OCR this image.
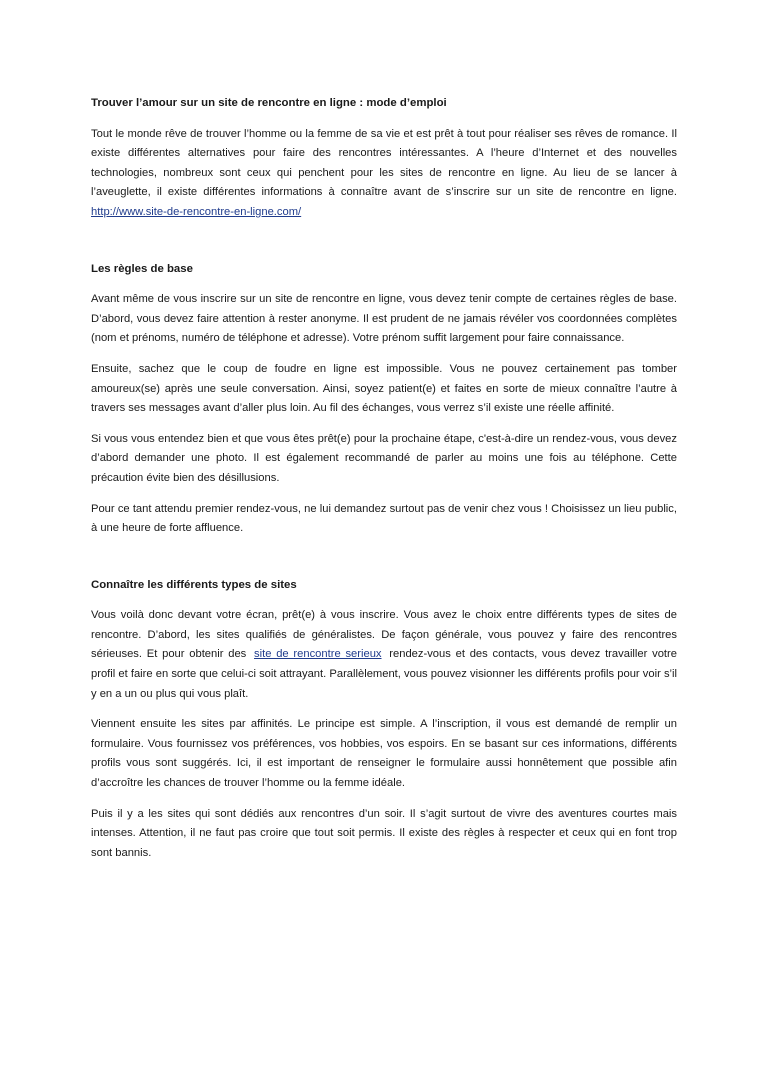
Trouver l’amour sur un site de rencontre en ligne : mode d’emploi

Tout le monde rêve de trouver l’homme ou la femme de sa vie et est prêt à tout pour réaliser ses rêves de romance. Il existe différentes alternatives pour faire des rencontres intéressantes. A l’heure d’Internet et des nouvelles technologies, nombreux sont ceux qui penchent pour les sites de rencontre en ligne. Au lieu de se lancer à l’aveuglette, il existe différentes informations à connaître avant de s’inscrire sur un site de rencontre en ligne. http://www.site-de-rencontre-en-ligne.com/

Les règles de base

Avant même de vous inscrire sur un site de rencontre en ligne, vous devez tenir compte de certaines règles de base. D’abord, vous devez faire attention à rester anonyme. Il est prudent de ne jamais révéler vos coordonnées complètes (nom et prénoms, numéro de téléphone et adresse). Votre prénom suffit largement pour faire connaissance.

Ensuite, sachez que le coup de foudre en ligne est impossible. Vous ne pouvez certainement pas tomber amoureux(se) après une seule conversation. Ainsi, soyez patient(e) et faites en sorte de mieux connaître l’autre à travers ses messages avant d’aller plus loin. Au fil des échanges, vous verrez s’il existe une réelle affinité.

Si vous vous entendez bien et que vous êtes prêt(e) pour la prochaine étape, c'est-à-dire un rendez-vous, vous devez d’abord demander une photo. Il est également recommandé de parler au moins une fois au téléphone. Cette précaution évite bien des désillusions.

Pour ce tant attendu premier rendez-vous, ne lui demandez surtout pas de venir chez vous ! Choisissez un lieu public, à une heure de forte affluence.

Connaître les différents types de sites

Vous voilà donc devant votre écran, prêt(e) à vous inscrire. Vous avez le choix entre différents types de sites de rencontre. D’abord, les sites qualifiés de généralistes. De façon générale, vous pouvez y faire des rencontres sérieuses. Et pour obtenir des site de rencontre serieux rendez-vous et des contacts, vous devez travailler votre profil et faire en sorte que celui-ci soit attrayant. Parallèlement, vous pouvez visionner les différents profils pour voir s’il y en a un ou plus qui vous plaît.

Viennent ensuite les sites par affinités. Le principe est simple. A l’inscription, il vous est demandé de remplir un formulaire. Vous fournissez vos préférences, vos hobbies, vos espoirs. En se basant sur ces informations, différents profils vous sont suggérés. Ici, il est important de renseigner le formulaire aussi honnêtement que possible afin d’accroître les chances de trouver l’homme ou la femme idéale.

Puis il y a les sites qui sont dédiés aux rencontres d’un soir. Il s’agit surtout de vivre des aventures courtes mais intenses. Attention, il ne faut pas croire que tout soit permis. Il existe des règles à respecter et ceux qui en font trop sont bannis.
